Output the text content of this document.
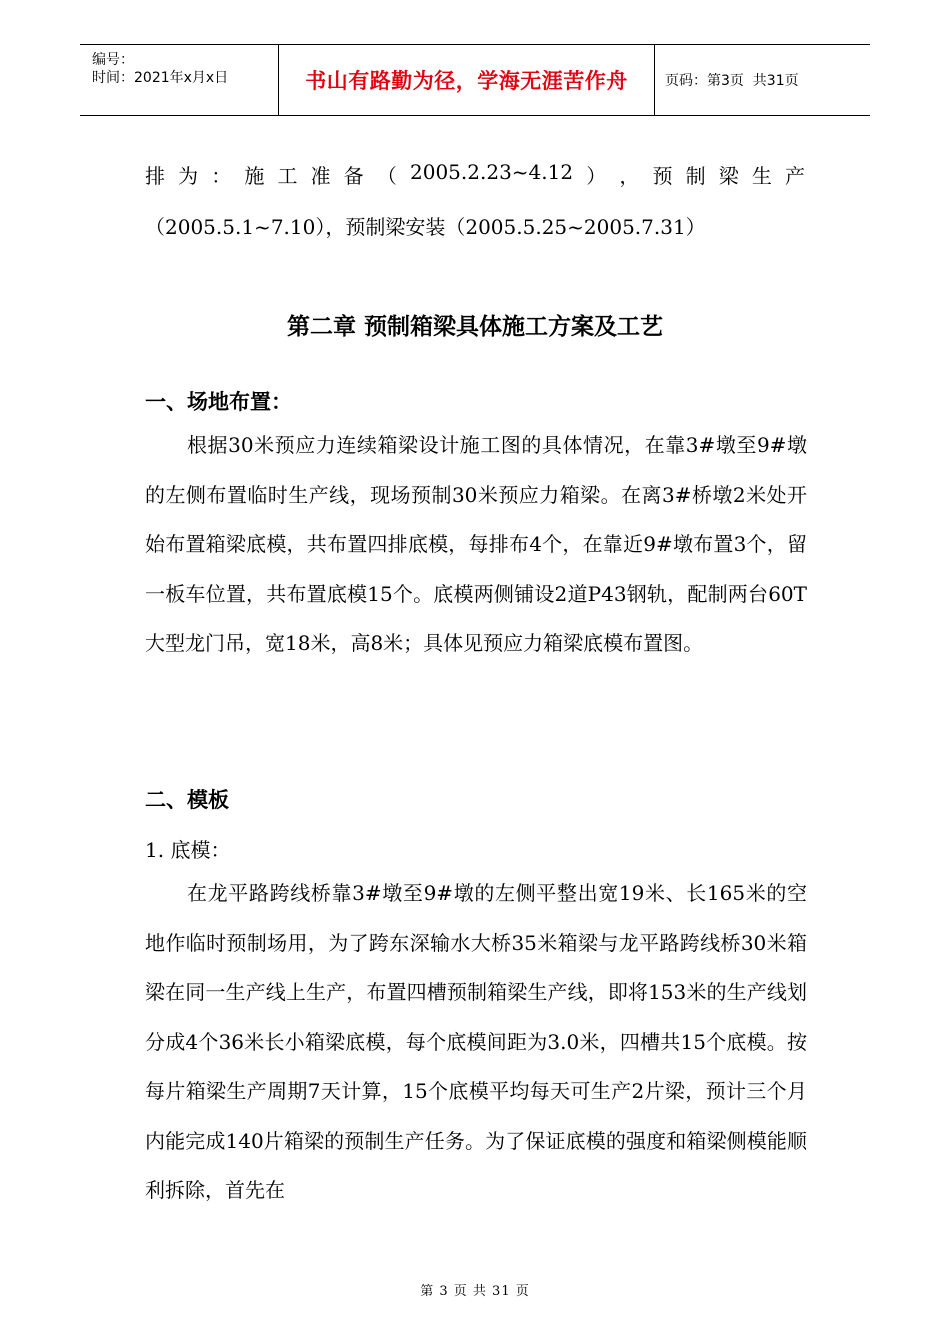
编号：
时间：2021年x月x日	书山有路勤为径，学海无涯苦作舟	页码：第3页  共31页
排 为 ： 施 工 准 备 （ 2005.2.23~4.12 ） ， 预 制 梁 生 产
（2005.5.1~7.10），预制梁安装（2005.5.25~2005.7.31）
第二章 预制箱梁具体施工方案及工艺
一、场地布置：
根据30米预应力连续箱梁设计施工图的具体情况，在靠3#墩至9#墩的左侧布置临时生产线，现场预制30米预应力箱梁。在离3#桥墩2米处开始布置箱梁底模，共布置四排底模，每排布4个，在靠近9#墩布置3个，留一板车位置，共布置底模15个。底模两侧铺设2道P43钢轨，配制两台60T大型龙门吊，宽18米，高8米；具体见预应力箱梁底模布置图。
二、模板
1. 底模：
在龙平路跨线桥靠3#墩至9#墩的左侧平整出宽19米、长165米的空地作临时预制场用，为了跨东深输水大桥35米箱梁与龙平路跨线桥30米箱梁在同一生产线上生产，布置四槽预制箱梁生产线，即将153米的生产线划分成4个36米长小箱梁底模，每个底模间距为3.0米，四槽共15个底模。按每片箱梁生产周期7天计算，15个底模平均每天可生产2片梁，预计三个月内能完成140片箱梁的预制生产任务。为了保证底模的强度和箱梁侧模能顺利拆除，首先在
第 3 页 共 31 页
